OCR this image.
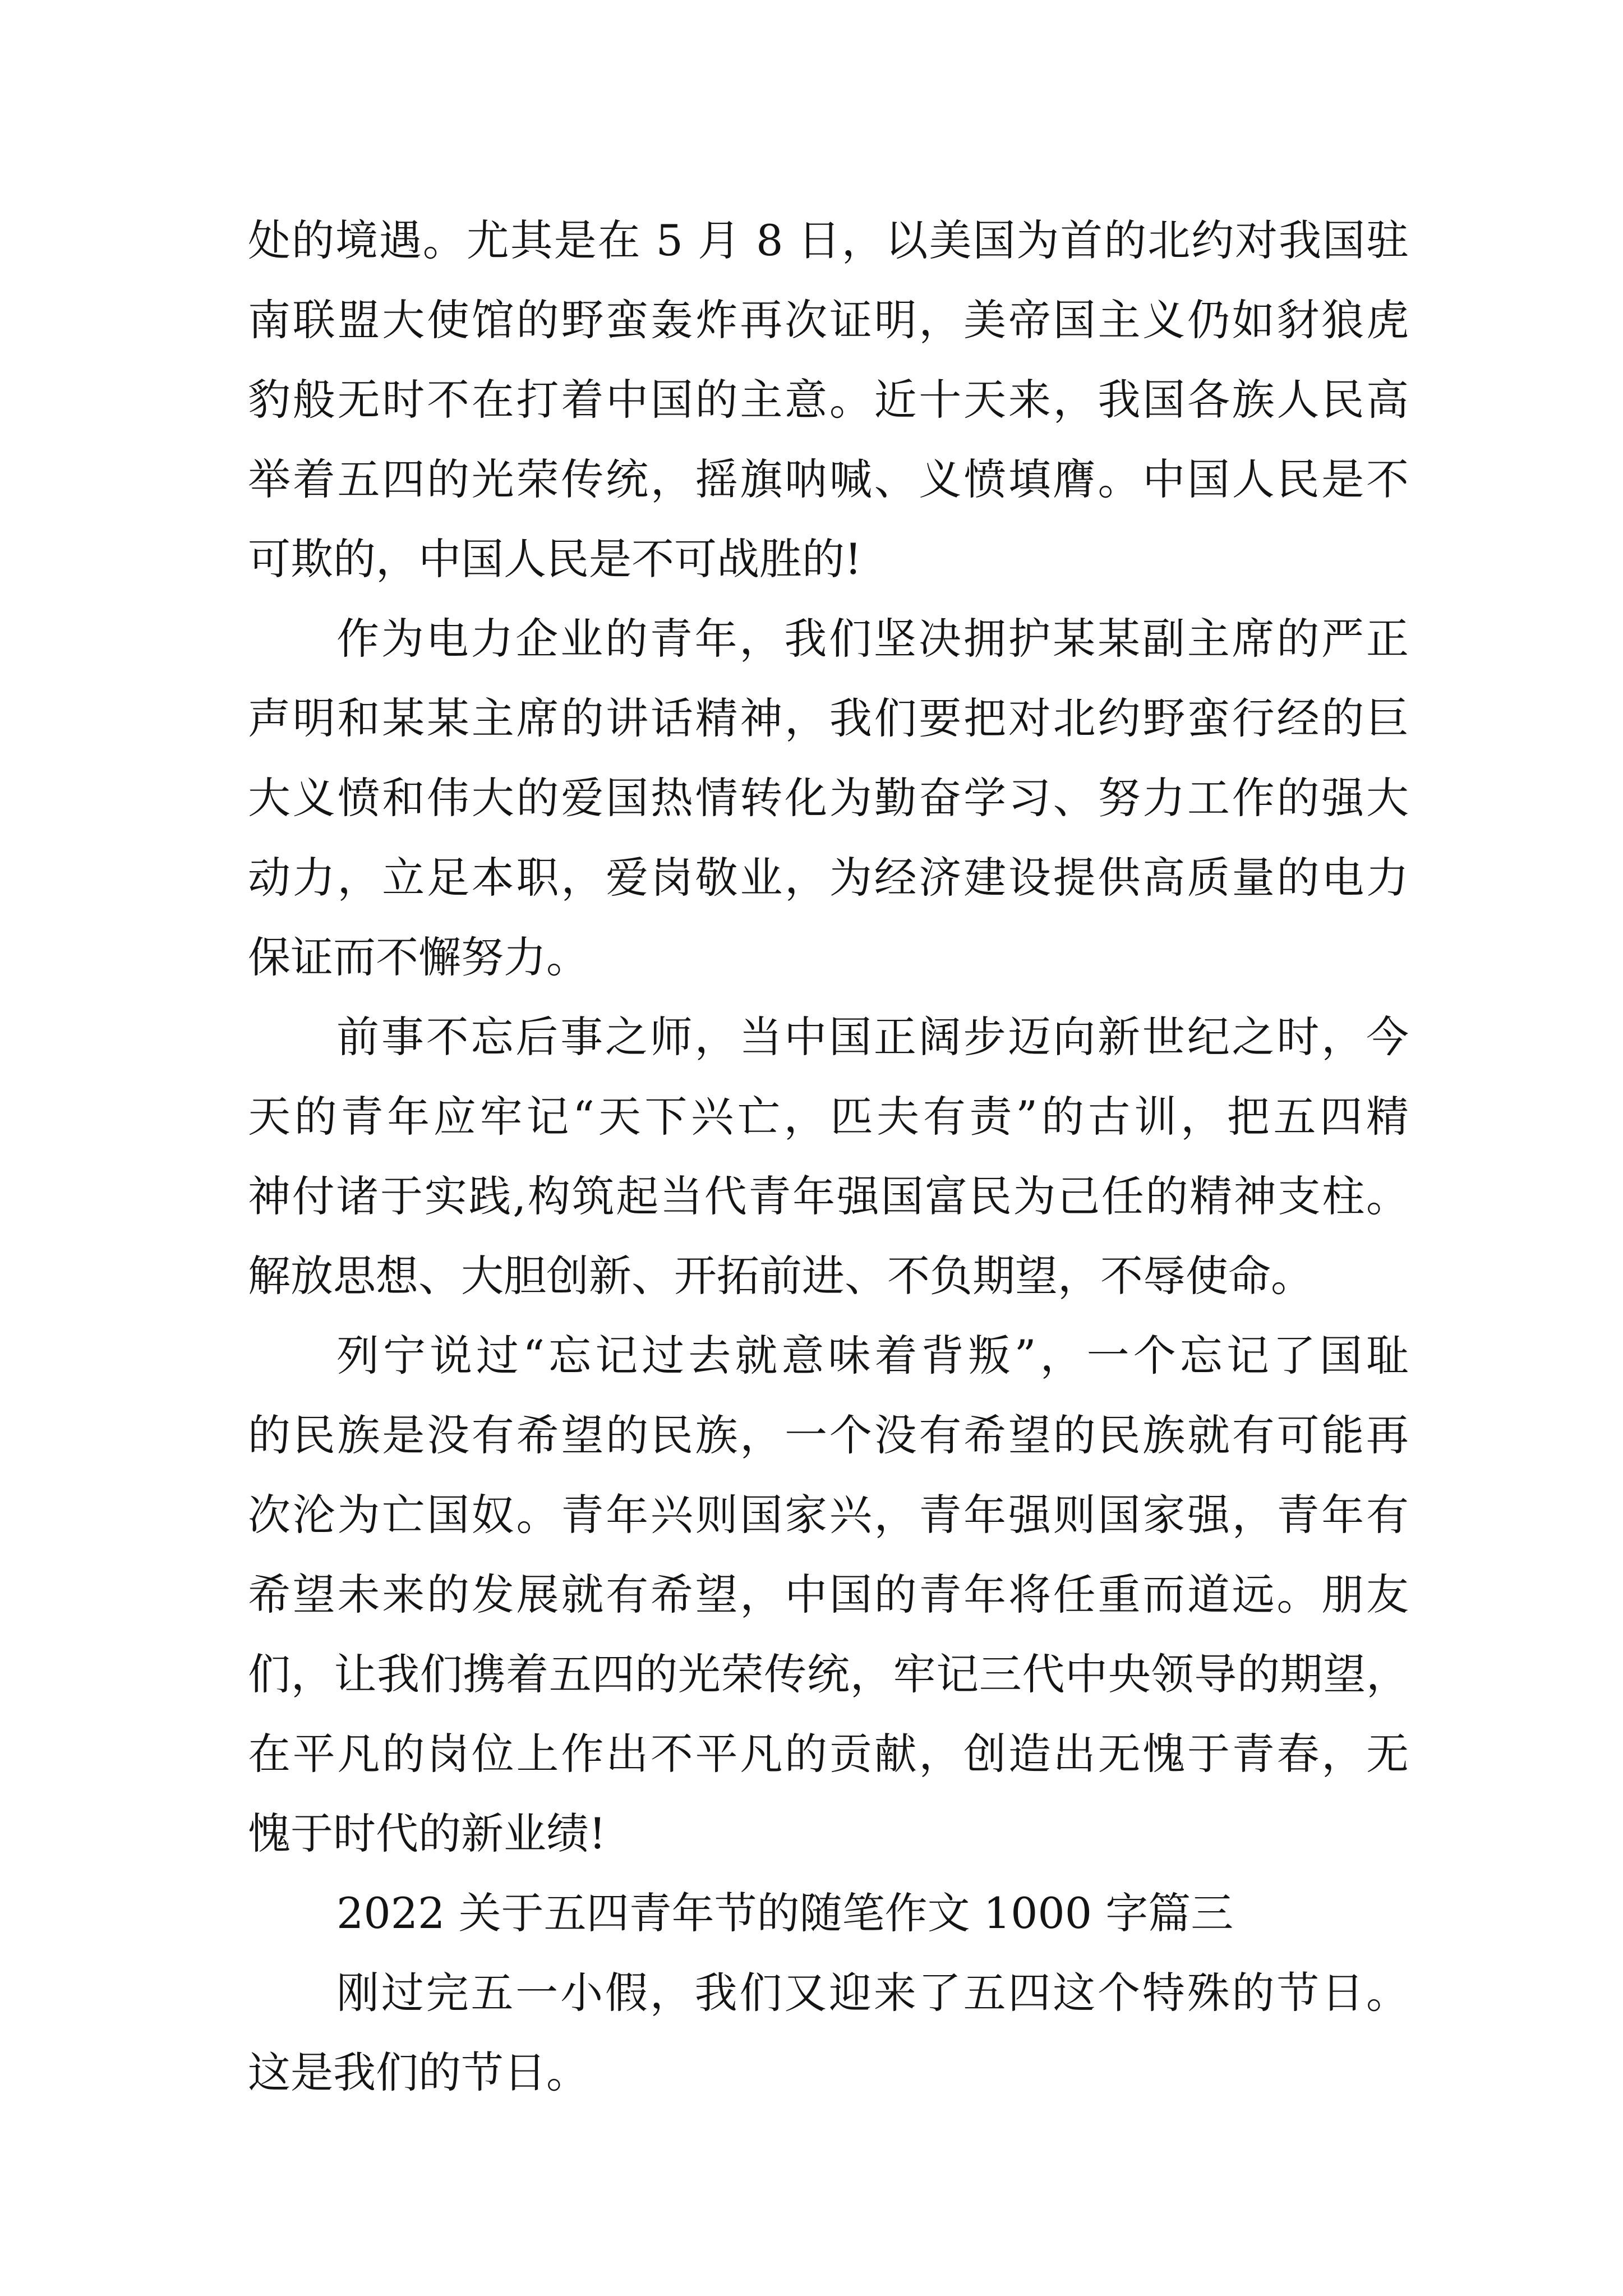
处的境遇。尤其是在 5 月 8 日，以美国为首的北约对我国驻
南联盟大使馆的野蛮轰炸再次证明，美帝国主义仍如豺狼虎
豹般无时不在打着中国的主意。近十天来，我国各族人民高
举着五四的光荣传统，摇旗呐喊、义愤填膺。中国人民是不
可欺的，中国人民是不可战胜的!
作为电力企业的青年，我们坚决拥护某某副主席的严正
声明和某某主席的讲话精神，我们要把对北约野蛮行经的巨
大义愤和伟大的爱国热情转化为勤奋学习、努力工作的强大
动力，立足本职，爱岗敬业，为经济建设提供高质量的电力
保证而不懈努力。
前事不忘后事之师，当中国正阔步迈向新世纪之时，今
天的青年应牢记“天下兴亡，匹夫有责”的古训，把五四精
神付诸于实践,构筑起当代青年强国富民为己任的精神支柱。
解放思想、大胆创新、开拓前进、不负期望，不辱使命。
列宁说过“忘记过去就意味着背叛”，一个忘记了国耻
的民族是没有希望的民族，一个没有希望的民族就有可能再
次沦为亡国奴。青年兴则国家兴，青年强则国家强，青年有
希望未来的发展就有希望，中国的青年将任重而道远。朋友
们，让我们携着五四的光荣传统，牢记三代中央领导的期望，
在平凡的岗位上作出不平凡的贡献，创造出无愧于青春，无
愧于时代的新业绩!
2022 关于五四青年节的随笔作文 1000 字篇三
刚过完五一小假，我们又迎来了五四这个特殊的节日。
这是我们的节日。
